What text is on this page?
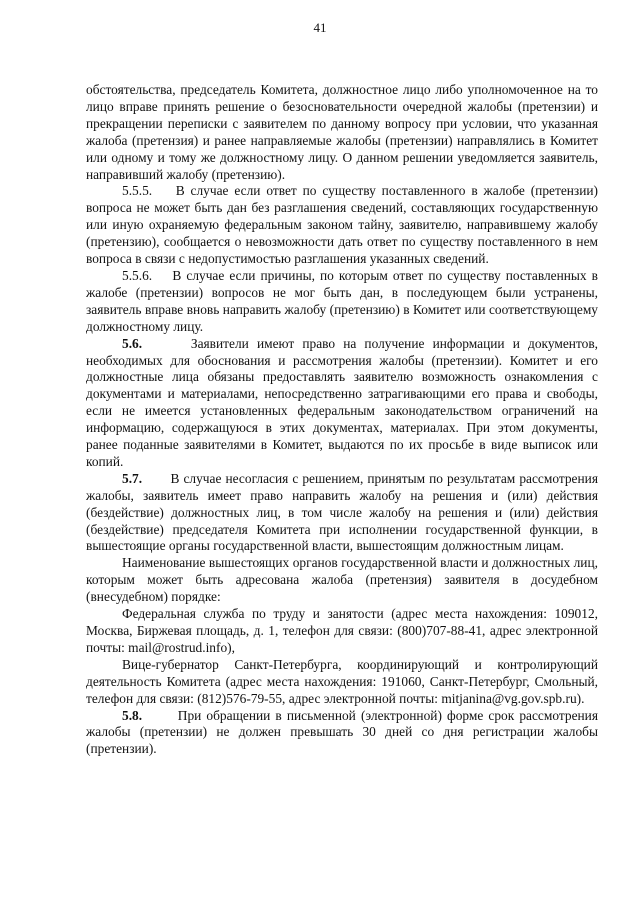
41

обстоятельства, председатель Комитета, должностное лицо либо уполномоченное на то лицо вправе принять решение о безосновательности очередной жалобы (претензии) и прекращении переписки с заявителем по данному вопросу при условии, что указанная жалоба (претензия) и ранее направляемые жалобы (претензии) направлялись в Комитет или одному и тому же должностному лицу. О данном решении уведомляется заявитель, направивший жалобу (претензию).

5.5.5. В случае если ответ по существу поставленного в жалобе (претензии) вопроса не может быть дан без разглашения сведений, составляющих государственную или иную охраняемую федеральным законом тайну, заявителю, направившему жалобу (претензию), сообщается о невозможности дать ответ по существу поставленного в нем вопроса в связи с недопустимостью разглашения указанных сведений.

5.5.6. В случае если причины, по которым ответ по существу поставленных в жалобе (претензии) вопросов не мог быть дан, в последующем были устранены, заявитель вправе вновь направить жалобу (претензию) в Комитет или соответствующему должностному лицу.

5.6.	Заявители имеют право на получение информации и документов, необходимых для обоснования и рассмотрения жалобы (претензии). Комитет и его должностные лица обязаны предоставлять заявителю возможность ознакомления с документами и материалами, непосредственно затрагивающими его права и свободы, если не имеется установленных федеральным законодательством ограничений на информацию, содержащуюся в этих документах, материалах. При этом документы, ранее поданные заявителями в Комитет, выдаются по их просьбе в виде выписок или копий.

5.7. В случае несогласия с решением, принятым по результатам рассмотрения жалобы, заявитель имеет право направить жалобу на решения и (или) действия (бездействие) должностных лиц, в том числе жалобу на решения и (или) действия (бездействие) председателя Комитета при исполнении государственной функции, в вышестоящие органы государственной власти, вышестоящим должностным лицам.

Наименование вышестоящих органов государственной власти и должностных лиц, которым может быть адресована жалоба (претензия) заявителя в досудебном (внесудебном) порядке:

Федеральная служба по труду и занятости (адрес места нахождения: 109012, Москва, Биржевая площадь, д. 1, телефон для связи: (800)707-88-41, адрес электронной почты: mail@rostrud.info),

Вице-губернатор Санкт-Петербурга, координирующий и контролирующий деятельность Комитета (адрес места нахождения: 191060, Санкт-Петербург, Смольный, телефон для связи: (812)576-79-55, адрес электронной почты: mitjanina@vg.gov.spb.ru).

5.8.	При обращении в письменной (электронной) форме срок рассмотрения жалобы (претензии) не должен превышать 30 дней со дня регистрации жалобы (претензии).
